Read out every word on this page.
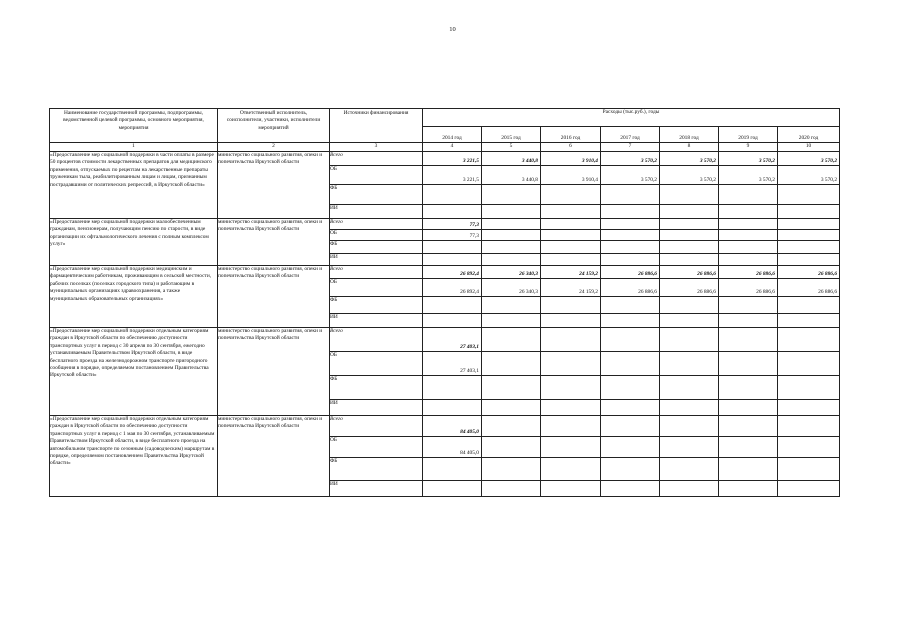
10
Наименование государственной программы, подпрограммы, ведомственной целевой программы, основного мероприятия, мероприятия	Ответственный исполнитель, соисполнители, участники, исполнители мероприятий	Источники финансирования	Расходы (тыс.руб.), годы						
			2014 год	2015 год	2016 год	2017 год	2018 год	2019 год	2020 год
1	2	3	4	5	6	7	8	9	10
«Предоставление мер социальной поддержки в части оплаты в размере 50 процентов стоимости лекарственных препаратов для медицинского применения, отпускаемых по рецептам на лекарственные препараты труженикам тыла, реабилитированным лицам и лицам, признанным пострадавшими от политических репрессий, в Иркутской области»	министерство социального развития, опеки и попечительства Иркутской области	Всего	3 221,5	3 440,8	3 910,4	3 570,2	3 570,2	3 570,2	3 570,2

		ОБ	3 221,5	3 440,8	3 910,4	3 570,2	3 570,2	3 570,2	3 570,2

		ФБ	

		ИИ	

«Предоставление мер социальной поддержки малообеспеченным гражданам, пенсионерам, получающим пенсию по старости, в виде организации их офтальмологического лечения с полным комплексом услуг»	министерство социального развития, опеки и попечительства Иркутской области	Всего	77,3						

		ОБ	77,3						

		ФБ	

		ИИ	

«Предоставление мер социальной поддержки медицинским и фармацевтическим работникам, проживающим в сельской местности, рабочих поселках (поселках городского типа) и работающим в муниципальных организациях здравоохранения, а также муниципальных образовательных организациях»	министерство социального развития, опеки и попечительства Иркутской области	Всего	26 892,4	26 340,3	24 159,2	26 886,6	26 886,6	26 886,6	26 886,6

		ОБ	26 892,4	26 340,3	24 159,2	26 886,6	26 886,6	26 886,6	26 886,6

		ФБ	

		ИИ	

«Предоставление мер социальной поддержки отдельным категориям граждан в Иркутской области по обеспечению доступности транспортных услуг в период с 30 апреля по 30 сентября, ежегодно устанавливаемым Правительством Иркутской области, в виде бесплатного проезда на железнодорожном транспорте пригородного сообщения в порядке, определяемом постановлением Правительства Иркутской области»	министерство социального развития, опеки и попечительства Иркутской области	Всего	27 403,1						

		ОБ	27 403,1						

		ФБ	

		ИИ	

«Предоставление мер социальной поддержки отдельным категориям граждан в Иркутской области по обеспечению доступности транспортных услуг в период с 1 мая по 30 сентября, устанавливаемым Правительством Иркутской области, в виде бесплатного проезда на автомобильном транспорте по сезонным (садоводческим) маршрутам в порядке, определяемом постановлением Правительства Иркутской области»	министерство социального развития, опеки и попечительства Иркутской области	Всего	84 405,0						

		ОБ	84 405,0						

		ФБ	

		ИИ	
